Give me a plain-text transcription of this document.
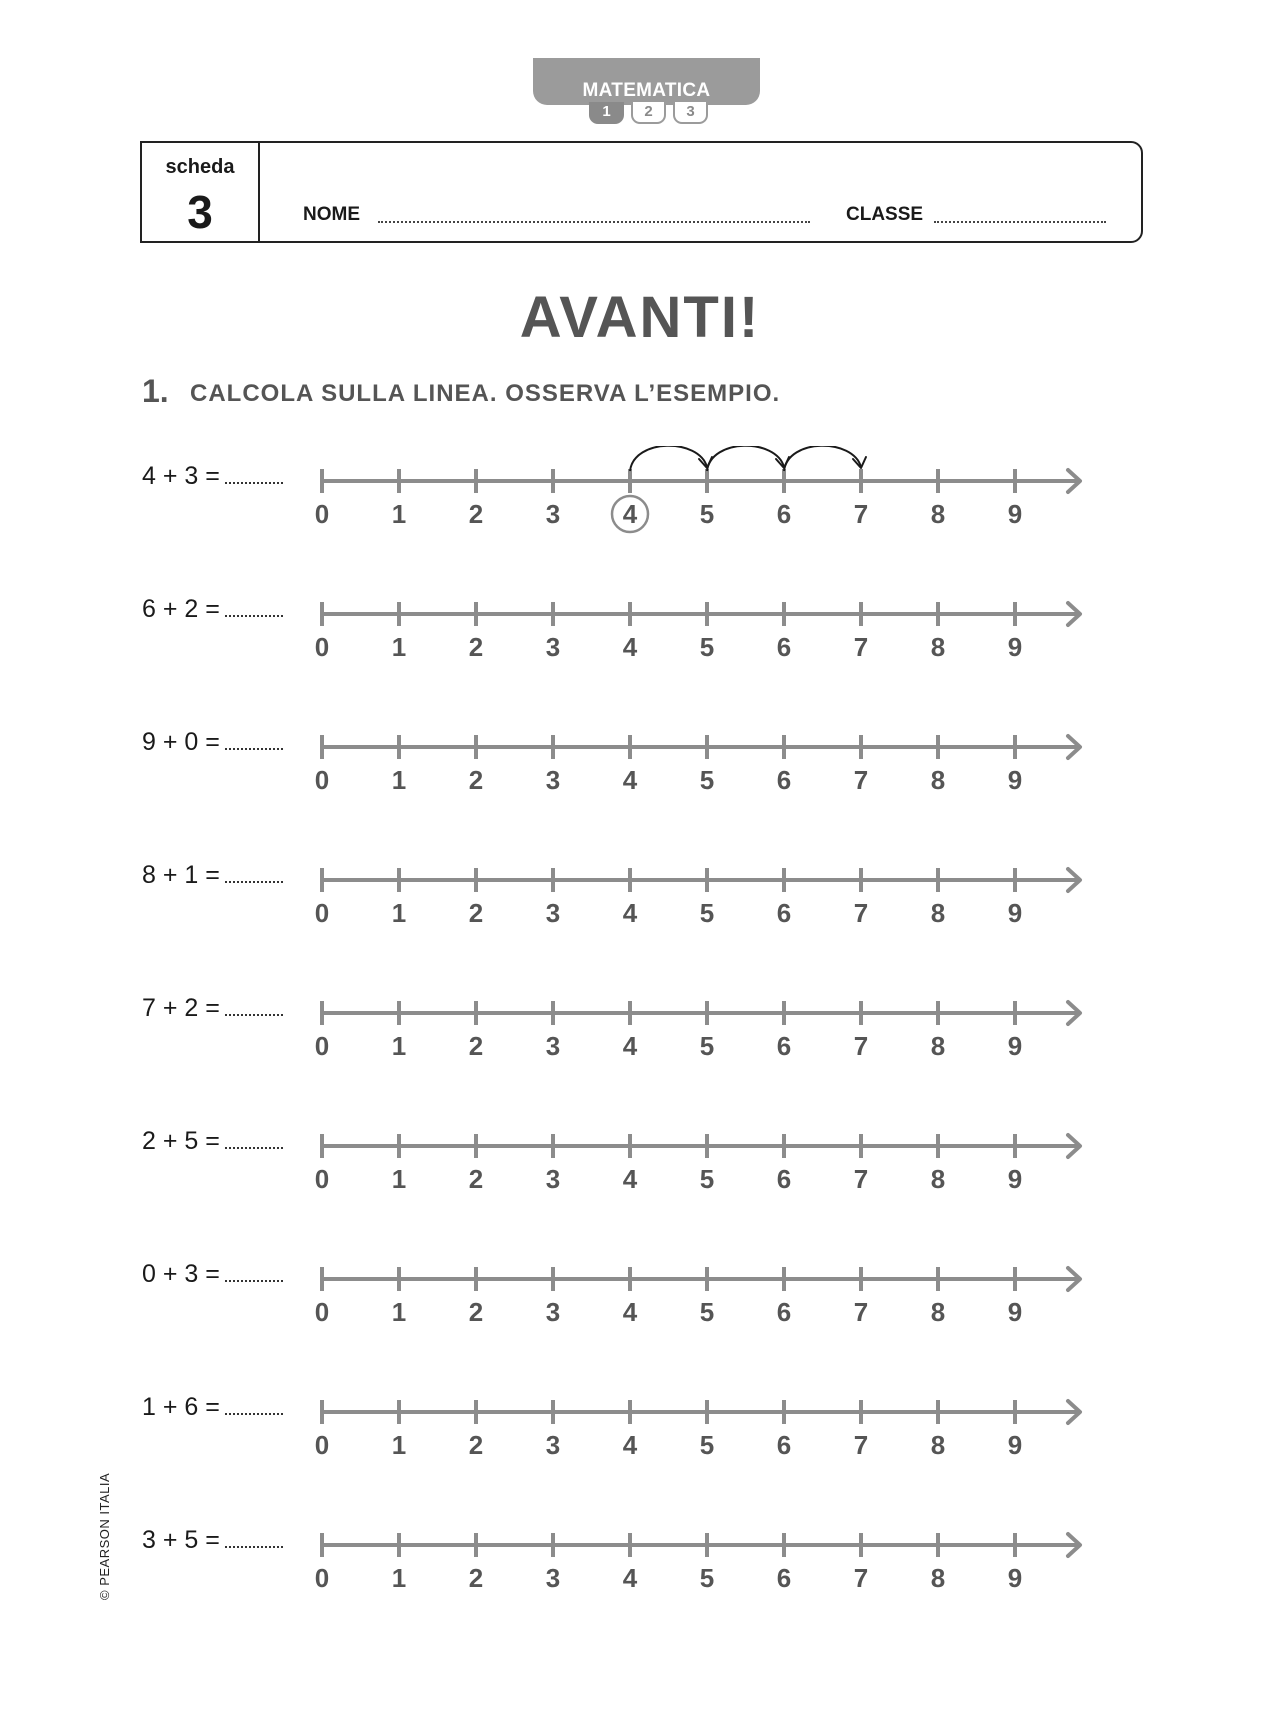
MATEMATICA
1	2	3
scheda
3	NOME	CLASSE
AVANTI!
1. CALCOLA SULLA LINEA. OSSERVA L’ESEMPIO.
4 + 3 =
0 1 2 3 4 5 6 7 8 9
6 + 2 =
0 1 2 3 4 5 6 7 8 9
9 + 0 =
0 1 2 3 4 5 6 7 8 9
8 + 1 =
0 1 2 3 4 5 6 7 8 9
7 + 2 =
0 1 2 3 4 5 6 7 8 9
2 + 5 =
0 1 2 3 4 5 6 7 8 9
0 + 3 =
0 1 2 3 4 5 6 7 8 9
1 + 6 =
0 1 2 3 4 5 6 7 8 9
3 + 5 =
0 1 2 3 4 5 6 7 8 9
© PEARSON ITALIA
